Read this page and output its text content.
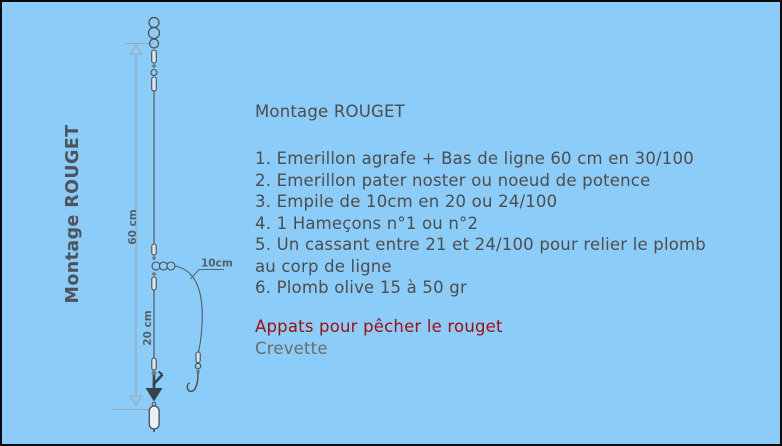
Montage ROUGET	60 cm
20 cm
10cm
Montage ROUGET
1. Emerillon agrafe + Bas de ligne 60 cm en 30/100
2. Emerillon pater noster ou noeud de potence
3. Empile de 10cm en 20 ou 24/100
4. 1 Hameçons n°1 ou n°2
5. Un cassant entre 21 et 24/100 pour relier le plomb
au corp de ligne
6. Plomb olive 15 à 50 gr
Appats pour pêcher le rouget
Crevette
